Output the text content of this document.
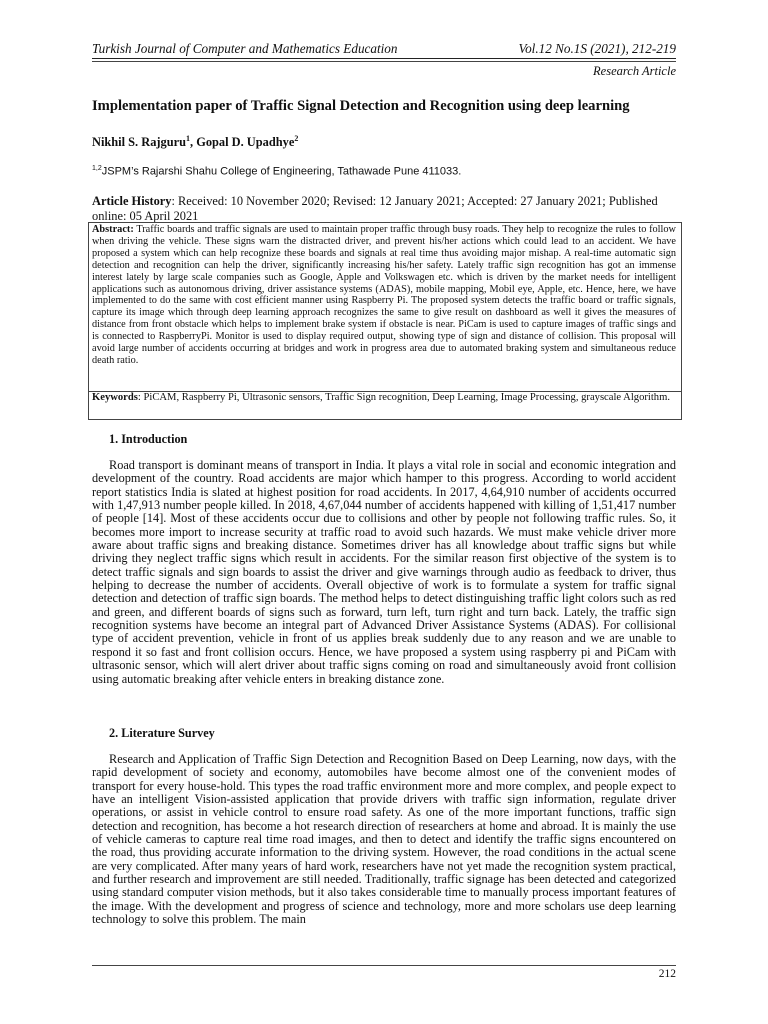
Turkish Journal of Computer and Mathematics Education	Vol.12 No.1S (2021), 212-219
Research Article
Implementation paper of Traffic Signal Detection and Recognition using deep learning
Nikhil S. Rajguru$^1$, Gopal D. Upadhye$^2$
$^{1,2}$JSPM’s Rajarshi Shahu College of Engineering, Tathawade Pune 411033.
Article History: Received: 10 November 2020; Revised: 12 January 2021; Accepted: 27 January 2021; Published online: 05 April 2021
Abstract: Traffic boards and traffic signals are used to maintain proper traffic through busy roads. They help to recognize the rules to follow when driving the vehicle. These signs warn the distracted driver, and prevent his/her actions which could lead to an accident. We have proposed a system which can help recognize these boards and signals at real time thus avoiding major mishap. A real-time automatic sign detection and recognition can help the driver, significantly increasing his/her safety. Lately traffic sign recognition has got an immense interest lately by large scale companies such as Google, Apple and Volkswagen etc. which is driven by the market needs for intelligent applications such as autonomous driving, driver assistance systems (ADAS), mobile mapping, Mobil eye, Apple, etc. Hence, here, we have implemented to do the same with cost efficient manner using Raspberry Pi. The proposed system detects the traffic board or traffic signals, capture its image which through deep learning approach recognizes the same to give result on dashboard as well it gives the measures of distance from front obstacle which helps to implement brake system if obstacle is near. PiCam is used to capture images of traffic sings and is connected to RaspberryPi. Monitor is used to display required output, showing type of sign and distance of collision. This proposal will avoid large number of accidents occurring at bridges and work in progress area due to automated braking system and simultaneous reduce death ratio.
Keywords: PiCAM, Raspberry Pi, Ultrasonic sensors, Traffic Sign recognition, Deep Learning, Image Processing, grayscale Algorithm.
1. Introduction
Road transport is dominant means of transport in India. It plays a vital role in social and economic integration and development of the country. Road accidents are major which hamper to this progress. According to world accident report statistics India is slated at highest position for road accidents. In 2017, 4,64,910 number of accidents occurred with 1,47,913 number people killed. In 2018, 4,67,044 number of accidents happened with killing of 1,51,417 number of people [14]. Most of these accidents occur due to collisions and other by people not following traffic rules. So, it becomes more import to increase security at traffic road to avoid such hazards. We must make vehicle driver more aware about traffic signs and breaking distance. Sometimes driver has all knowledge about traffic signs but while driving they neglect traffic signs which result in accidents. For the similar reason first objective of the system is to detect traffic signals and sign boards to assist the driver and give warnings through audio as feedback to driver, thus helping to decrease the number of accidents. Overall objective of work is to formulate a system for traffic signal detection and detection of traffic sign boards. The method helps to detect distinguishing traffic light colors such as red and green, and different boards of signs such as forward, turn left, turn right and turn back. Lately, the traffic sign recognition systems have become an integral part of Advanced Driver Assistance Systems (ADAS). For collisional type of accident prevention, vehicle in front of us applies break suddenly due to any reason and we are unable to respond it so fast and front collision occurs. Hence, we have proposed a system using raspberry pi and PiCam with ultrasonic sensor, which will alert driver about traffic signs coming on road and simultaneously avoid front collision using automatic breaking after vehicle enters in breaking distance zone.
2. Literature Survey
Research and Application of Traffic Sign Detection and Recognition Based on Deep Learning, now days, with the rapid development of society and economy, automobiles have become almost one of the convenient modes of transport for every house-hold. This types the road traffic environment more and more complex, and people expect to have an intelligent Vision-assisted application that provide drivers with traffic sign information, regulate driver operations, or assist in vehicle control to ensure road safety. As one of the more important functions, traffic sign detection and recognition, has become a hot research direction of researchers at home and abroad. It is mainly the use of vehicle cameras to capture real time road images, and then to detect and identify the traffic signs encountered on the road, thus providing accurate information to the driving system. However, the road conditions in the actual scene are very complicated. After many years of hard work, researchers have not yet made the recognition system practical, and further research and improvement are still needed. Traditionally, traffic signage has been detected and categorized using standard computer vision methods, but it also takes considerable time to manually process important features of the image. With the development and progress of science and technology, more and more scholars use deep learning technology to solve this problem. The main
212
